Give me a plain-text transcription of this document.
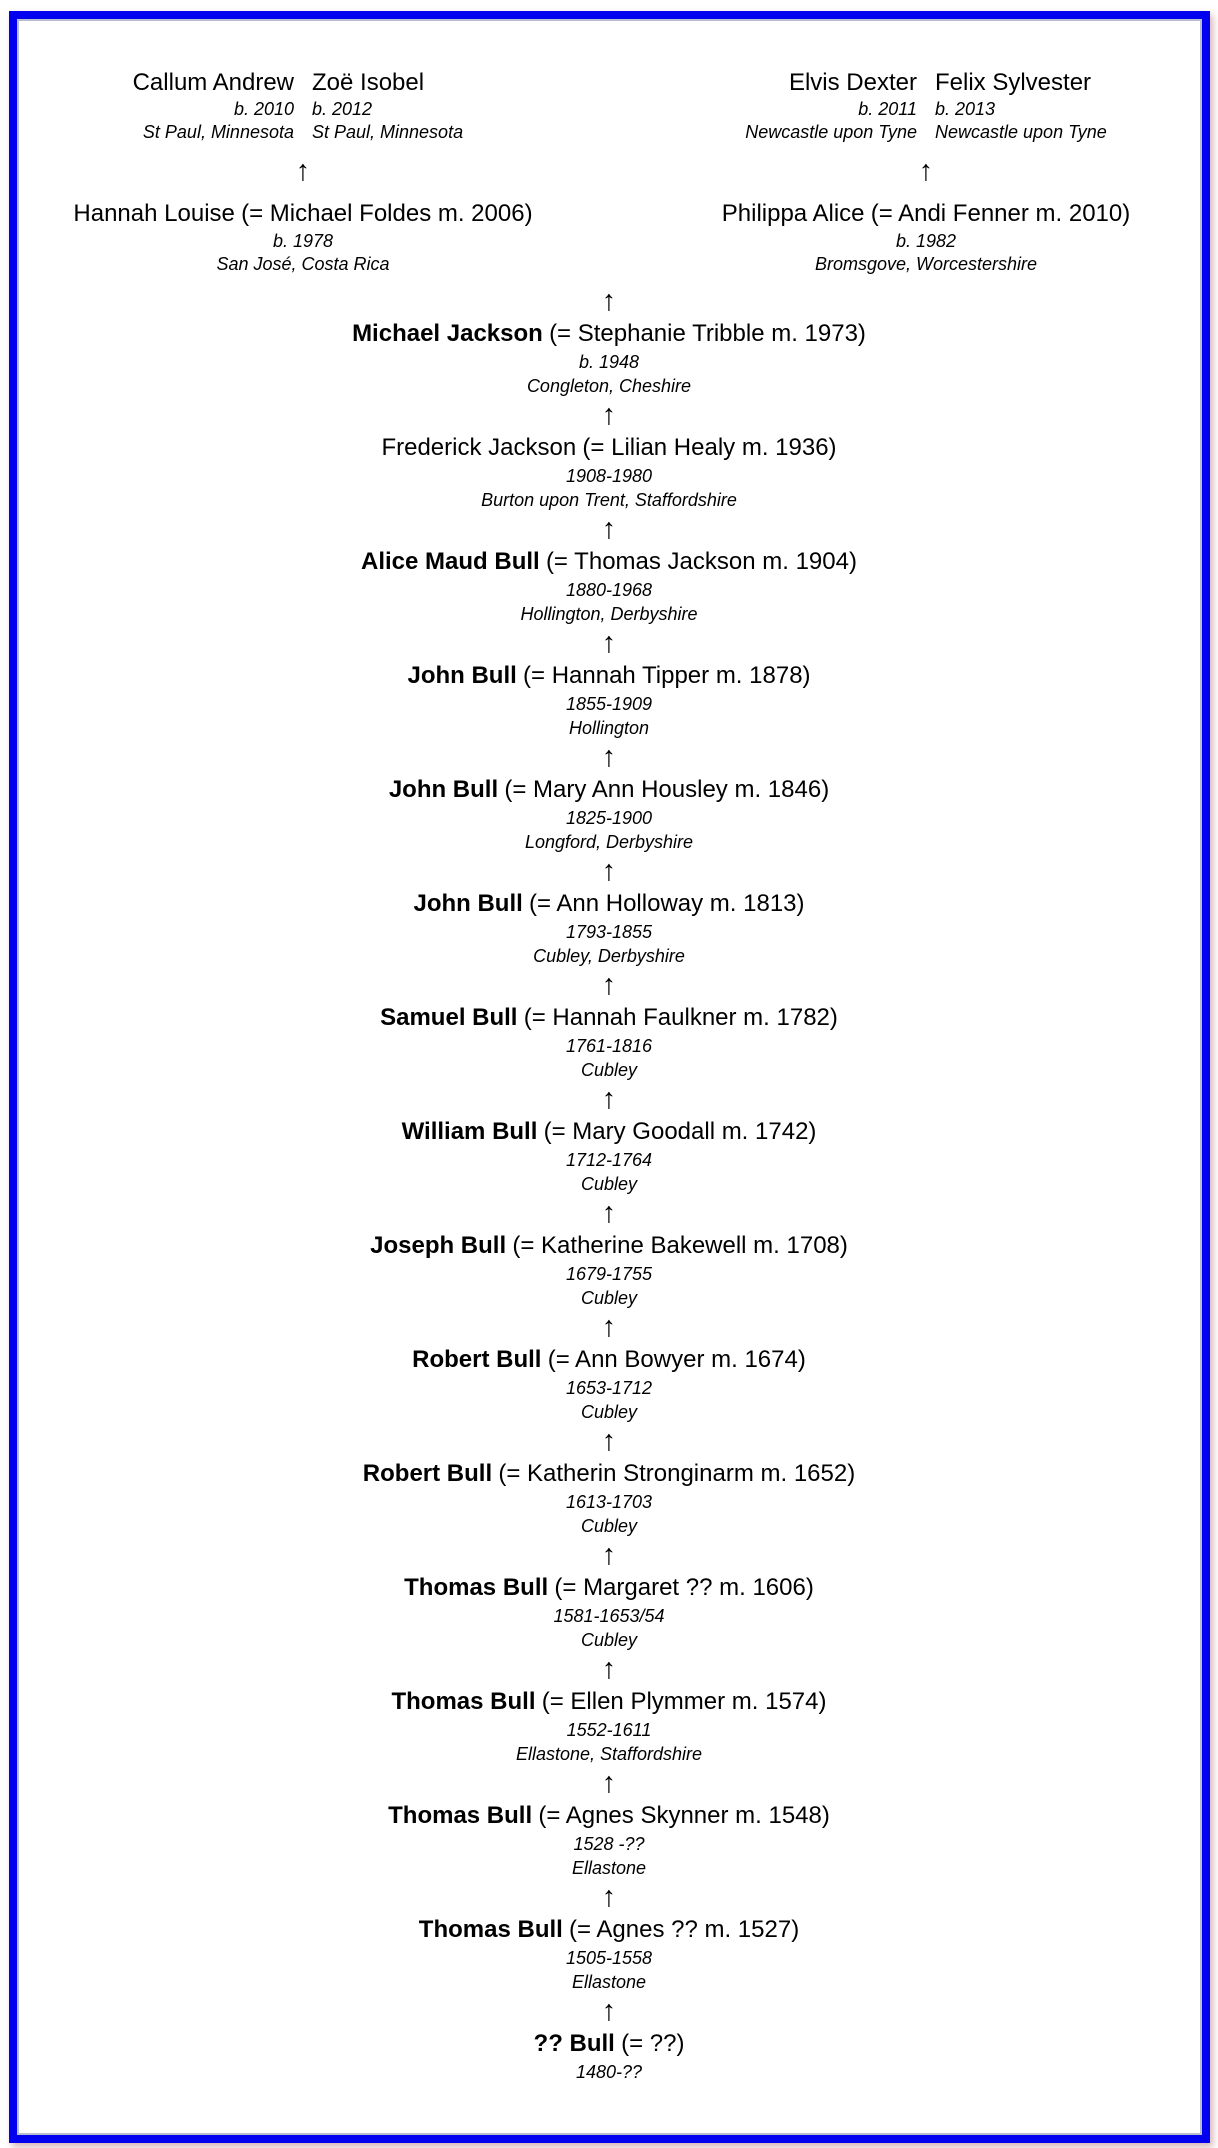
Callum Andrew Zoë Isobel
b. 2010 b. 2012
St Paul, Minnesota St Paul, Minnesota
↑
Hannah Louise (= Michael Foldes m. 2006)
b. 1978
San José, Costa Rica
Elvis Dexter Felix Sylvester
b. 2011 b. 2013
Newcastle upon Tyne Newcastle upon Tyne
↑
Philippa Alice (= Andi Fenner m. 2010)
b. 1982
Bromsgove, Worcestershire
↑
Michael Jackson (= Stephanie Tribble m. 1973)
b. 1948
Congleton, Cheshire
↑
Frederick Jackson (= Lilian Healy m. 1936)
1908-1980
Burton upon Trent, Staffordshire
↑
Alice Maud Bull (= Thomas Jackson m. 1904)
1880-1968
Hollington, Derbyshire
↑
John Bull (= Hannah Tipper m. 1878)
1855-1909
Hollington
↑
John Bull (= Mary Ann Housley m. 1846)
1825-1900
Longford, Derbyshire
↑
John Bull (= Ann Holloway m. 1813)
1793-1855
Cubley, Derbyshire
↑
Samuel Bull (= Hannah Faulkner m. 1782)
1761-1816
Cubley
↑
William Bull (= Mary Goodall m. 1742)
1712-1764
Cubley
↑
Joseph Bull (= Katherine Bakewell m. 1708)
1679-1755
Cubley
↑
Robert Bull (= Ann Bowyer m. 1674)
1653-1712
Cubley
↑
Robert Bull (= Katherin Stronginarm m. 1652)
1613-1703
Cubley
↑
Thomas Bull (= Margaret ?? m. 1606)
1581-1653/54
Cubley
↑
Thomas Bull (= Ellen Plymmer m. 1574)
1552-1611
Ellastone, Staffordshire
↑
Thomas Bull (= Agnes Skynner m. 1548)
1528 -??
Ellastone
↑
Thomas Bull (= Agnes ?? m. 1527)
1505-1558
Ellastone
↑
?? Bull (= ??)
1480-??
